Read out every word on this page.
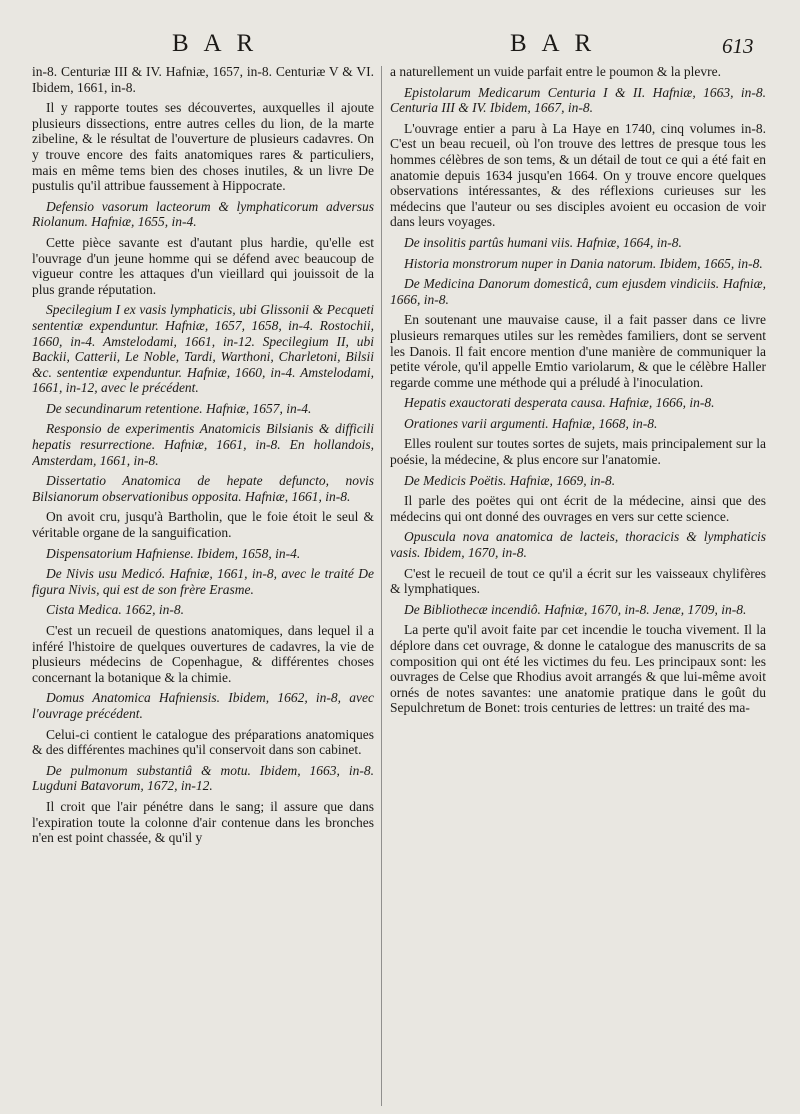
B A R	B A R	613

in-8. Centuriæ III & IV. Hafniæ, 1657, in-8. Centuriæ V & VI. Ibidem, 1661, in-8.

Il y rapporte toutes ses découvertes, auxquelles il ajoute plusieurs dissections, entre autres celles du lion, de la marte zibeline, & le résultat de l'ouverture de plusieurs cadavres. On y trouve encore des faits anatomiques rares & particuliers, mais en même tems bien des choses inutiles, & un livre De pustulis qu'il attribue faussement à Hippocrate.

Defensio vasorum lacteorum & lymphaticorum adversus Riolanum. Hafniæ, 1655, in-4.

Cette pièce savante est d'autant plus hardie, qu'elle est l'ouvrage d'un jeune homme qui se défend avec beaucoup de vigueur contre les attaques d'un vieillard qui jouissoit de la plus grande réputation.

Specilegium I ex vasis lymphaticis, ubi Glissonii & Pecqueti sententiæ expenduntur. Hafniæ, 1657, 1658, in-4. Rostochii, 1660, in-4. Amstelodami, 1661, in-12. Specilegium II, ubi Backii, Catterii, Le Noble, Tardi, Warthoni, Charletoni, Bilsii &c. sententiæ expenduntur. Hafniæ, 1660, in-4. Amstelodami, 1661, in-12, avec le précédent.

De secundinarum retentione. Hafniæ, 1657, in-4.

Responsio de experimentis Anatomicis Bilsianis & difficili hepatis resurrectione. Hafniæ, 1661, in-8. En hollandois, Amsterdam, 1661, in-8.

Dissertatio Anatomica de hepate defuncto, novis Bilsianorum observationibus opposita. Hafniæ, 1661, in-8.

On avoit cru, jusqu'à Bartholin, que le foie étoit le seul & véritable organe de la sanguification.

Dispensatorium Hafniense. Ibidem, 1658, in-4.

De Nivis usu Medicó. Hafniæ, 1661, in-8, avec le traité De figura Nivis, qui est de son frère Erasme.

Cista Medica. 1662, in-8.

C'est un recueil de questions anatomiques, dans lequel il a inféré l'histoire de quelques ouvertures de cadavres, la vie de plusieurs médecins de Copenhague, & différentes choses concernant la botanique & la chimie.

Domus Anatomica Hafniensis. Ibidem, 1662, in-8, avec l'ouvrage précédent.

Celui-ci contient le catalogue des préparations anatomiques & des différentes machines qu'il conservoit dans son cabinet.

De pulmonum substantiâ & motu. Ibidem, 1663, in-8. Lugduni Batavorum, 1672, in-12.

Il croit que l'air pénétre dans le sang; il assure que dans l'expiration toute la colonne d'air contenue dans les bronches n'en est point chassée, & qu'il y

a naturellement un vuide parfait entre le poumon & la plevre.

Epistolarum Medicarum Centuria I & II. Hafniæ, 1663, in-8. Centuria III & IV. Ibidem, 1667, in-8.

L'ouvrage entier a paru à La Haye en 1740, cinq volumes in-8. C'est un beau recueil, où l'on trouve des lettres de presque tous les hommes célèbres de son tems, & un détail de tout ce qui a été fait en anatomie depuis 1634 jusqu'en 1664. On y trouve encore quelques observations intéressantes, & des réflexions curieuses sur les médecins que l'auteur ou ses disciples avoient eu occasion de voir dans leurs voyages.

De insolitis partûs humani viis. Hafniæ, 1664, in-8.

Historia monstrorum nuper in Dania natorum. Ibidem, 1665, in-8.

De Medicina Danorum domesticâ, cum ejusdem vindiciis. Hafniæ, 1666, in-8.

En soutenant une mauvaise cause, il a fait passer dans ce livre plusieurs remarques utiles sur les remèdes familiers, dont se servent les Danois. Il fait encore mention d'une manière de communiquer la petite vérole, qu'il appelle Emtio variolarum, & que le célèbre Haller regarde comme une méthode qui a préludé à l'inoculation.

Hepatis exauctorati desperata causa. Hafniæ, 1666, in-8.

Orationes varii argumenti. Hafniæ, 1668, in-8.

Elles roulent sur toutes sortes de sujets, mais principalement sur la poésie, la médecine, & plus encore sur l'anatomie.

De Medicis Poëtis. Hafniæ, 1669, in-8.

Il parle des poëtes qui ont écrit de la médecine, ainsi que des médecins qui ont donné des ouvrages en vers sur cette science.

Opuscula nova anatomica de lacteis, thoracicis & lymphaticis vasis. Ibidem, 1670, in-8.

C'est le recueil de tout ce qu'il a écrit sur les vaisseaux chylifères & lymphatiques.

De Bibliothecæ incendiô. Hafniæ, 1670, in-8. Jenæ, 1709, in-8.

La perte qu'il avoit faite par cet incendie le toucha vivement. Il la déplore dans cet ouvrage, & donne le catalogue des manuscrits de sa composition qui ont été les victimes du feu. Les principaux sont: les ouvrages de Celse que Rhodius avoit arrangés & que lui-même avoit ornés de notes savantes: une anatomie pratique dans le goût du Sepulchretum de Bonet: trois centuries de lettres: un traité des ma-
